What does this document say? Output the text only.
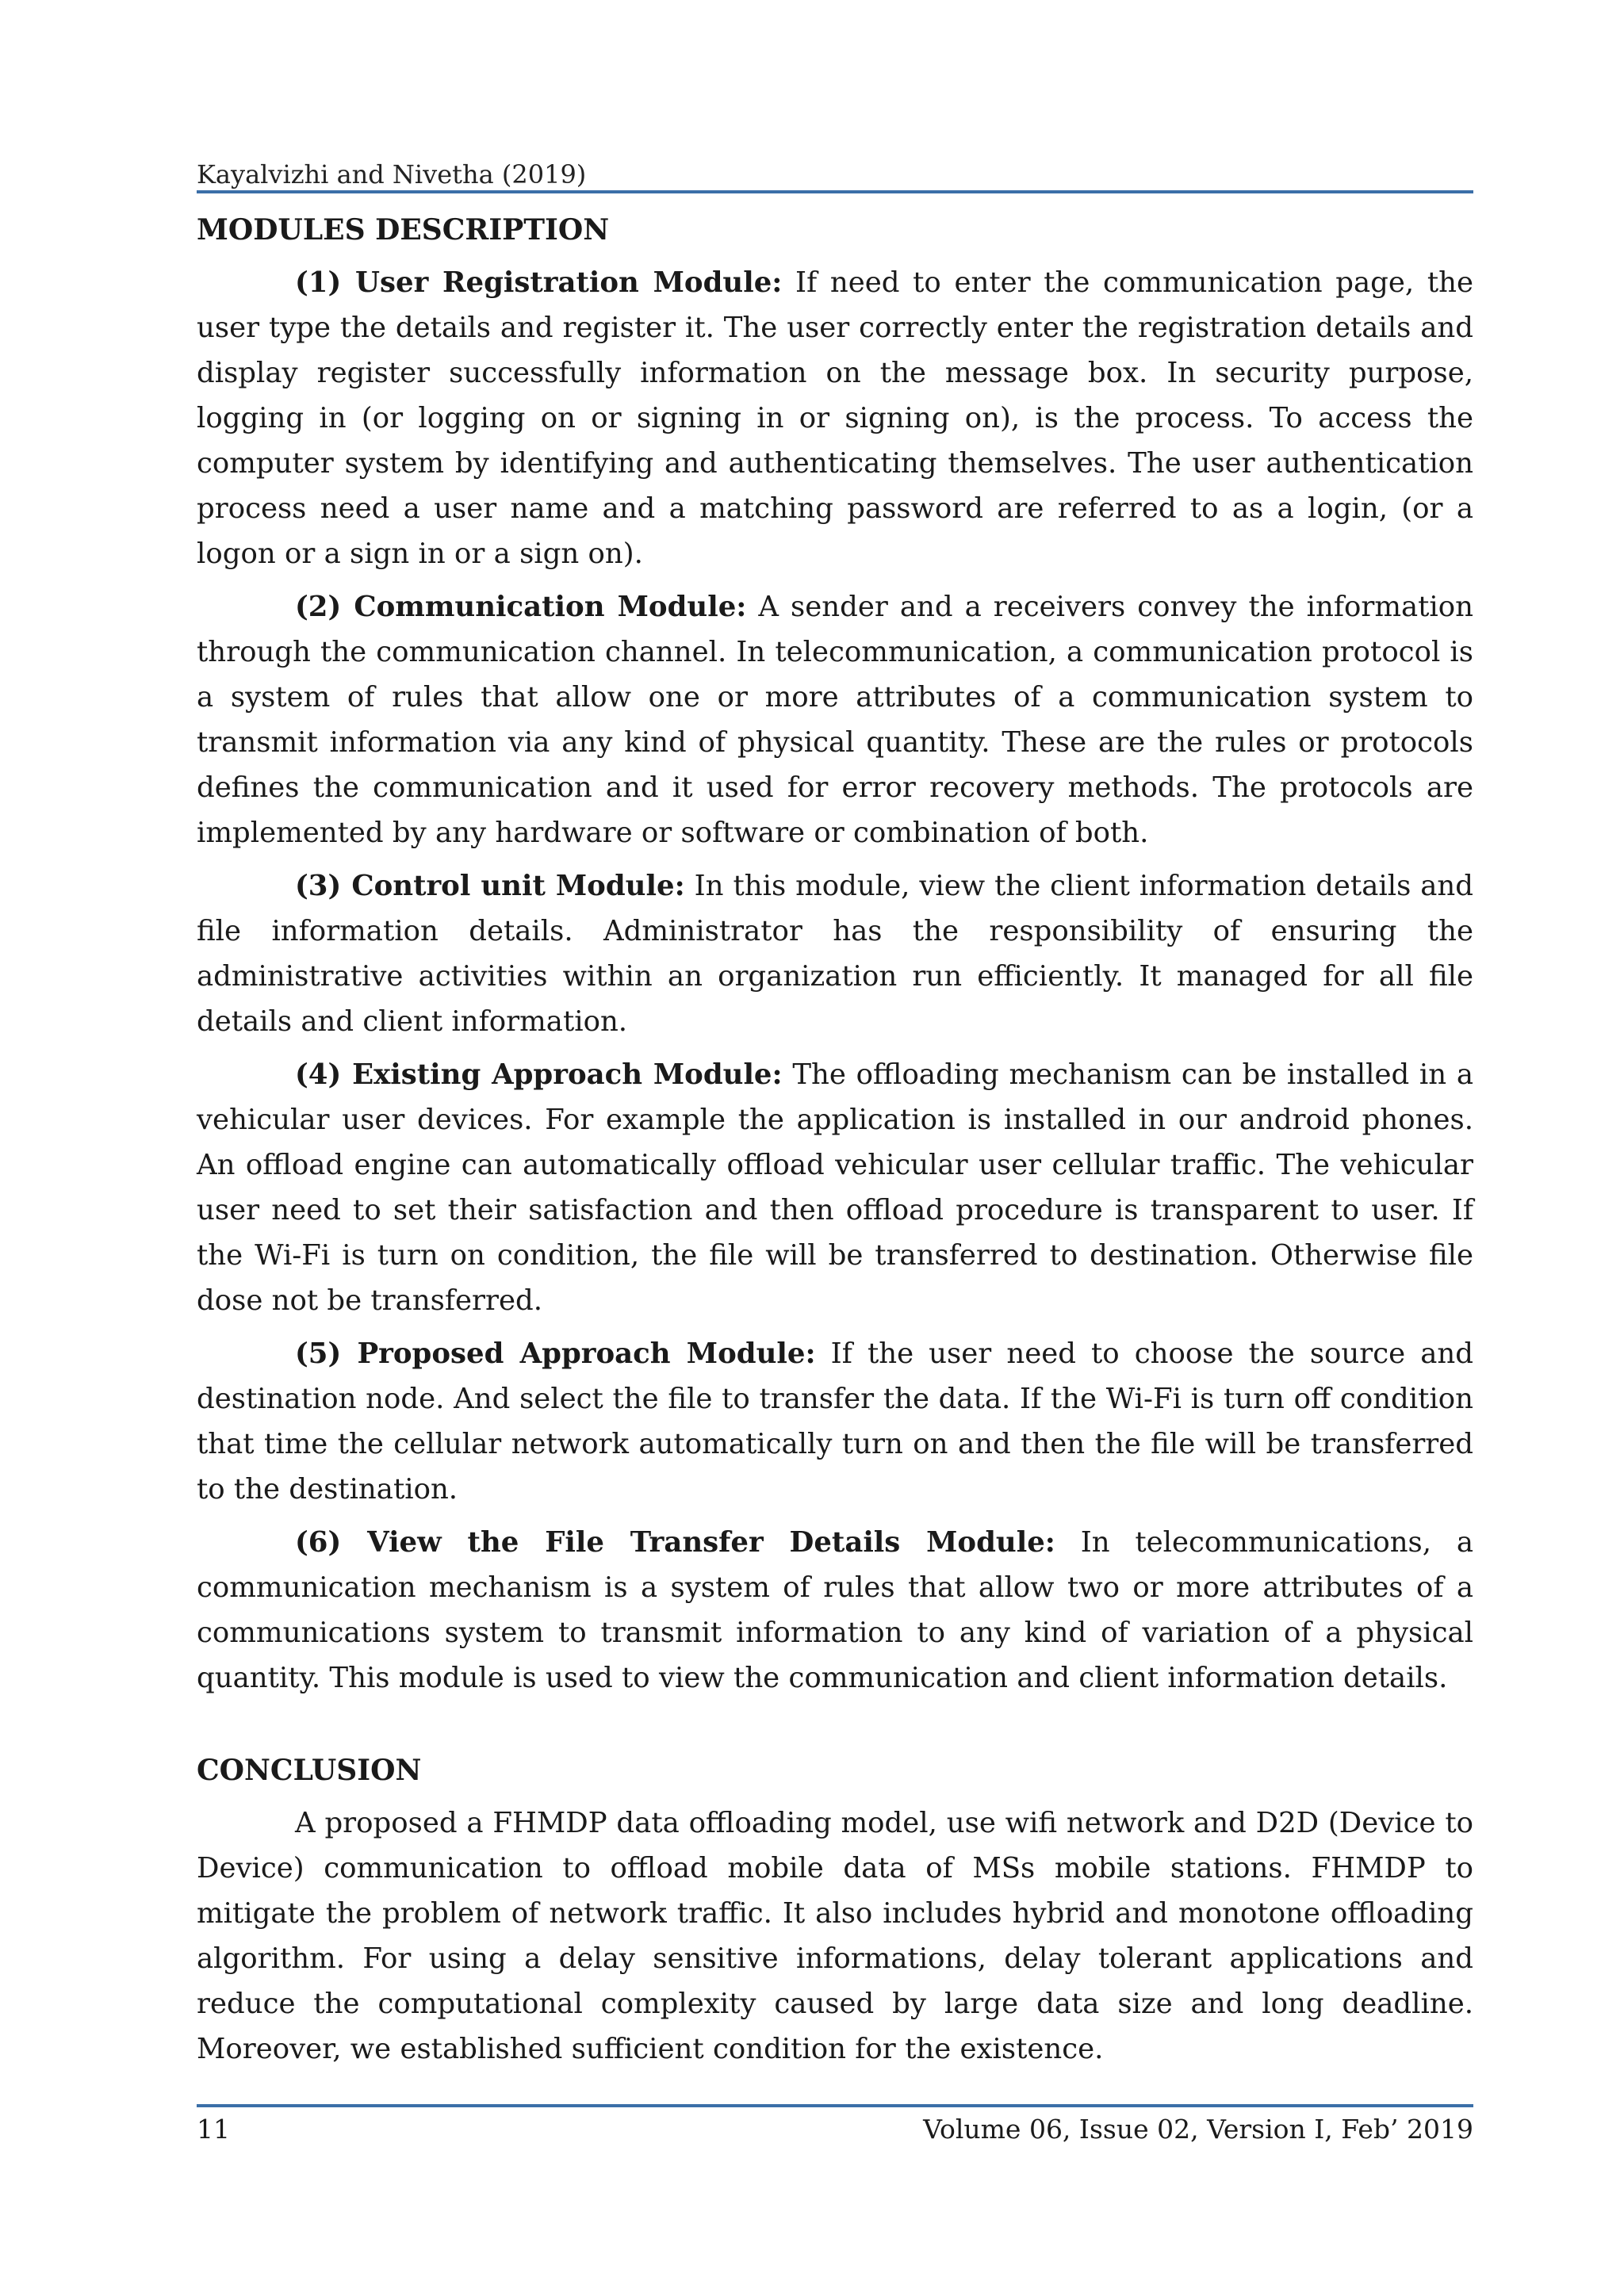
Kayalvizhi and Nivetha (2019)
MODULES DESCRIPTION

(1) User Registration Module: If need to enter the communication page, the user type the details and register it. The user correctly enter the registration details and display register successfully information on the message box. In security purpose, logging in (or logging on or signing in or signing on), is the process. To access the computer system by identifying and authenticating themselves. The user authentication process need a user name and a matching password are referred to as a login, (or a logon or a sign in or a sign on).

(2) Communication Module: A sender and a receivers convey the information through the communication channel. In telecommunication, a communication protocol is a system of rules that allow one or more attributes of a communication system to transmit information via any kind of physical quantity. These are the rules or protocols defines the communication and it used for error recovery methods. The protocols are implemented by any hardware or software or combination of both.

(3) Control unit Module: In this module, view the client information details and file information details. Administrator has the responsibility of ensuring the administrative activities within an organization run efficiently. It managed for all file details and client information.

(4) Existing Approach Module: The offloading mechanism can be installed in a vehicular user devices. For example the application is installed in our android phones. An offload engine can automatically offload vehicular user cellular traffic. The vehicular user need to set their satisfaction and then offload procedure is transparent to user. If the Wi-Fi is turn on condition, the file will be transferred to destination. Otherwise file dose not be transferred.

(5) Proposed Approach Module: If the user need to choose the source and destination node. And select the file to transfer the data. If the Wi-Fi is turn off condition that time the cellular network automatically turn on and then the file will be transferred to the destination.

(6) View the File Transfer Details Module: In telecommunications, a communication mechanism is a system of rules that allow two or more attributes of a communications system to transmit information to any kind of variation of a physical quantity. This module is used to view the communication and client information details.

CONCLUSION

A proposed a FHMDP data offloading model, use wifi network and D2D (Device to Device) communication to offload mobile data of MSs mobile stations. FHMDP to mitigate the problem of network traffic. It also includes hybrid and monotone offloading algorithm. For using a delay sensitive informations, delay tolerant applications and reduce the computational complexity caused by large data size and long deadline. Moreover, we established sufficient condition for the existence.

11	Volume 06, Issue 02, Version I, Feb’ 2019
